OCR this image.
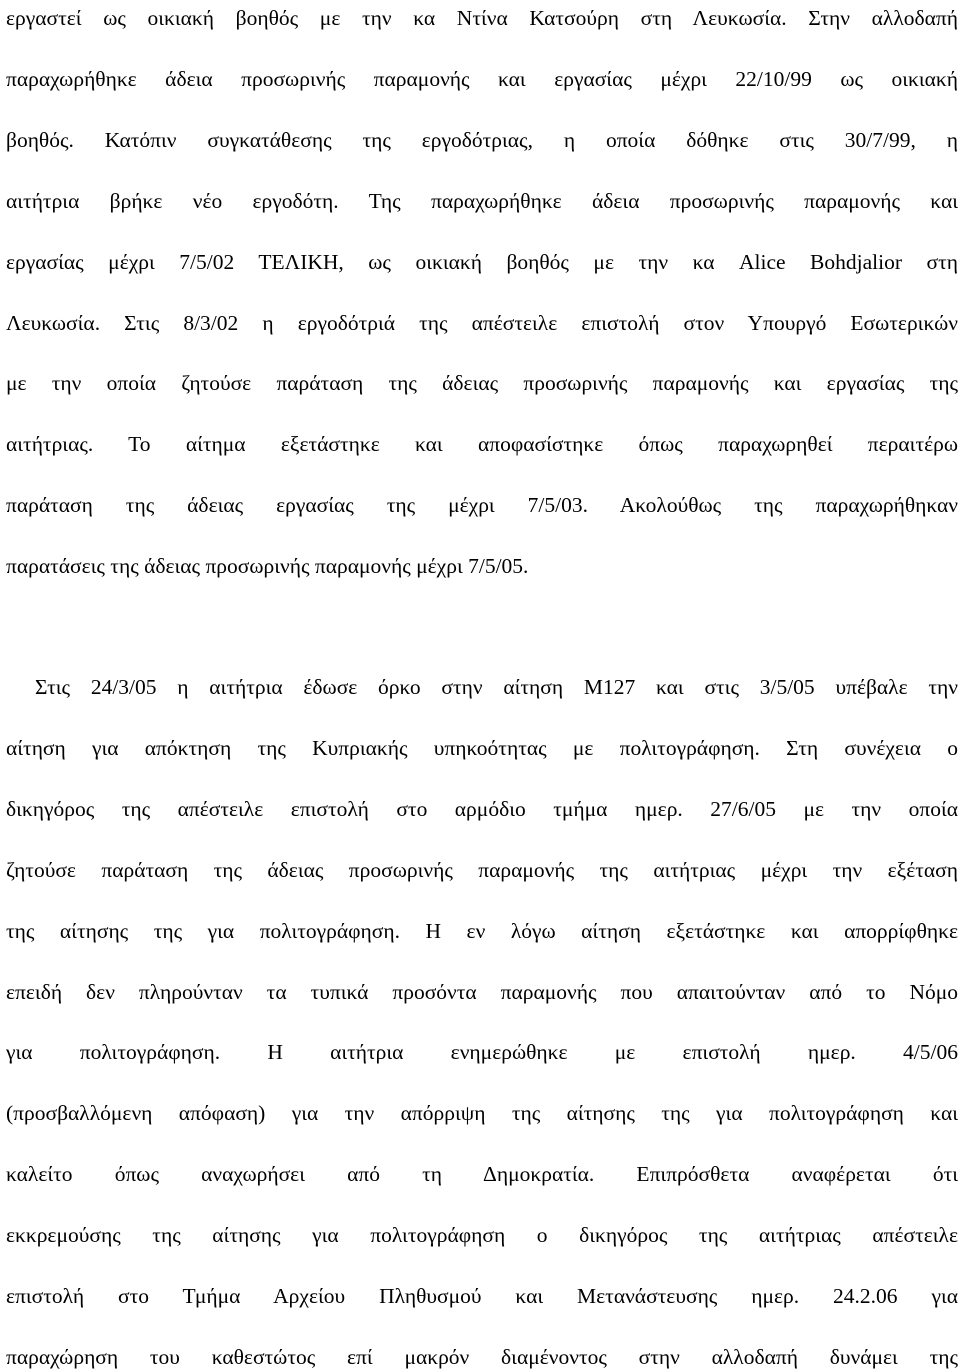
εργαστεί ως οικιακή βοηθός με την κα Ντίνα Κατσούρη στη Λευκωσία. Στην αλλοδαπή
παραχωρήθηκε άδεια προσωρινής παραμονής και εργασίας μέχρι 22/10/99 ως οικιακή
βοηθός. Κατόπιν συγκατάθεσης της εργοδότριας, η οποία δόθηκε στις 30/7/99, η
αιτήτρια βρήκε νέο εργοδότη. Της παραχωρήθηκε άδεια προσωρινής παραμονής και
εργασίας μέχρι 7/5/02 ΤΕΛΙΚΗ, ως οικιακή βοηθός με την κα Alice Bohdjalior στη
Λευκωσία. Στις 8/3/02 η εργοδότριά της απέστειλε επιστολή στον Υπουργό Εσωτερικών
με την οποία ζητούσε παράταση της άδειας προσωρινής παραμονής και εργασίας της
αιτήτριας. Το αίτημα εξετάστηκε και αποφασίστηκε όπως παραχωρηθεί περαιτέρω
παράταση της άδειας εργασίας της μέχρι 7/5/03. Ακολούθως της παραχωρήθηκαν
παρατάσεις της άδειας προσωρινής παραμονής μέχρι 7/5/05.
Στις 24/3/05 η αιτήτρια έδωσε όρκο στην αίτηση Μ127 και στις 3/5/05 υπέβαλε την
αίτηση για απόκτηση της Κυπριακής υπηκοότητας με πολιτογράφηση. Στη συνέχεια ο
δικηγόρος της απέστειλε επιστολή στο αρμόδιο τμήμα ημερ. 27/6/05 με την οποία
ζητούσε παράταση της άδειας προσωρινής παραμονής της αιτήτριας μέχρι την εξέταση
της αίτησης της για πολιτογράφηση. Η εν λόγω αίτηση εξετάστηκε και απορρίφθηκε
επειδή δεν πληρούνταν τα τυπικά προσόντα παραμονής που απαιτούνταν από το Νόμο
για πολιτογράφηση. Η αιτήτρια ενημερώθηκε με επιστολή ημερ. 4/5/06
(προσβαλλόμενη απόφαση) για την απόρριψη της αίτησης της για πολιτογράφηση και
καλείτο όπως αναχωρήσει από τη Δημοκρατία. Επιπρόσθετα αναφέρεται ότι
εκκρεμούσης της αίτησης για πολιτογράφηση ο δικηγόρος της αιτήτριας απέστειλε
επιστολή στο Τμήμα Αρχείου Πληθυσμού και Μετανάστευσης ημερ. 24.2.06 για
παραχώρηση του καθεστώτος επί μακρόν διαμένοντος στην αλλοδαπή δυνάμει της
